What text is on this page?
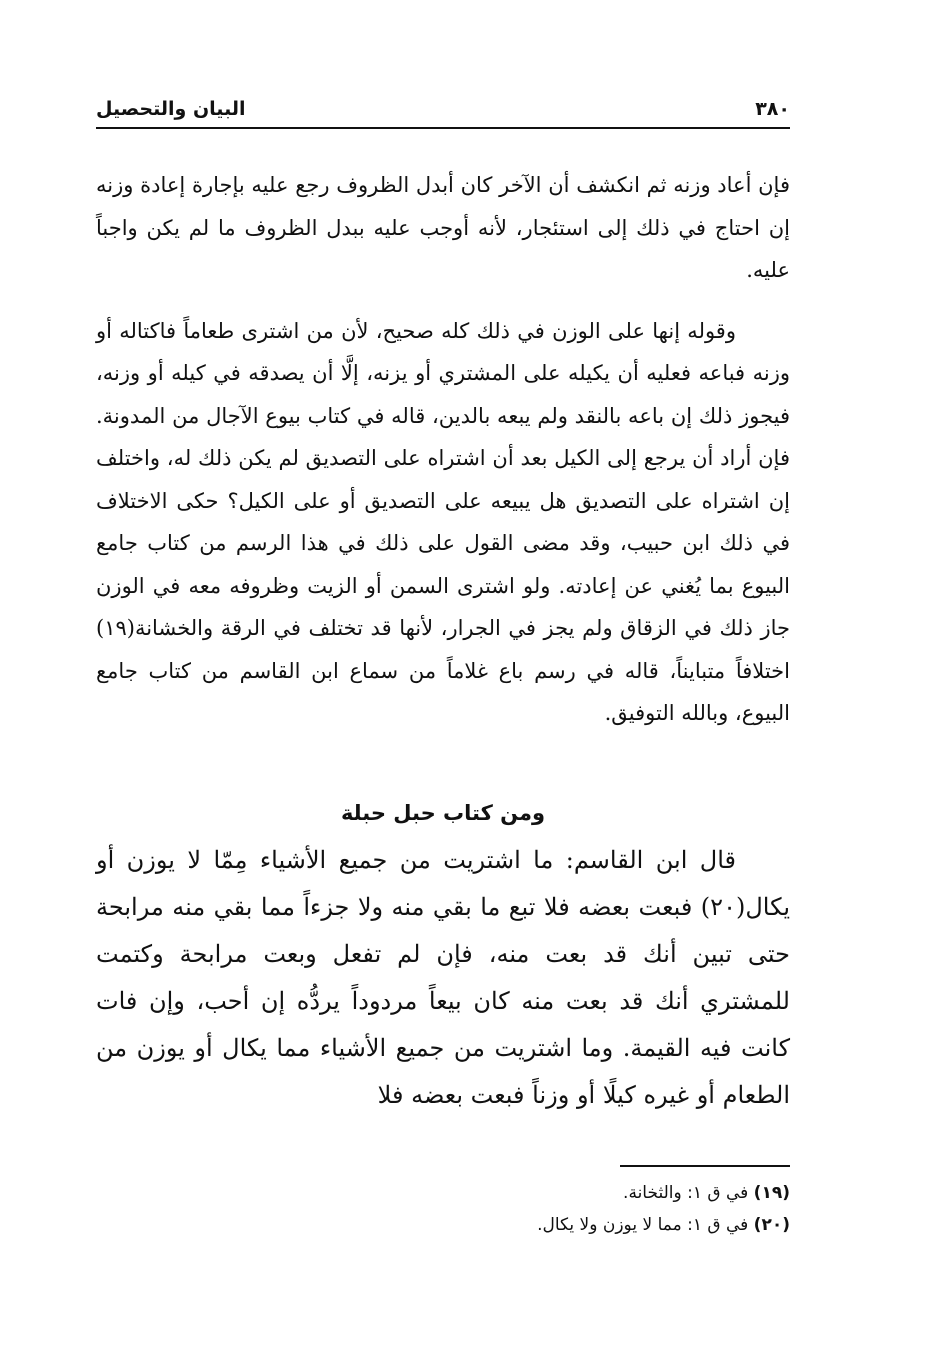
٣٨٠
البيان والتحصيل

فإن أعاد وزنه ثم انكشف أن الآخر كان أبدل الظروف رجع عليه بإجارة إعادة وزنه إن احتاج في ذلك إلى استئجار، لأنه أوجب عليه ببدل الظروف ما لم يكن واجباً عليه.

وقوله إنها على الوزن في ذلك كله صحيح، لأن من اشترى طعاماً فاكتاله أو وزنه فباعه فعليه أن يكيله على المشتري أو يزنه، إلَّا أن يصدقه في كيله أو وزنه، فيجوز ذلك إن باعه بالنقد ولم يبعه بالدين، قاله في كتاب بيوع الآجال من المدونة. فإن أراد أن يرجع إلى الكيل بعد أن اشتراه على التصديق لم يكن ذلك له، واختلف إن اشتراه على التصديق هل يبيعه على التصديق أو على الكيل؟ حكى الاختلاف في ذلك ابن حبيب، وقد مضى القول على ذلك في هذا الرسم من كتاب جامع البيوع بما يُغني عن إعادته. ولو اشترى السمن أو الزيت وظروفه معه في الوزن جاز ذلك في الزقاق ولم يجز في الجرار، لأنها قد تختلف في الرقة والخشانة(١٩) اختلافاً متبايناً، قاله في رسم باع غلاماً من سماع ابن القاسم من كتاب جامع البيوع، وبالله التوفيق.

ومن كتاب حبل حبلة

قال ابن القاسم: ما اشتريت من جميع الأشياء مِمّا لا يوزن أو يكال(٢٠) فبعت بعضه فلا تبع ما بقي منه ولا جزءاً مما بقي منه مرابحة حتى تبين أنك قد بعت منه، فإن لم تفعل وبعت مرابحة وكتمت للمشتري أنك قد بعت منه كان بيعاً مردوداً يردُّه إن أحب، وإن فات كانت فيه القيمة. وما اشتريت من جميع الأشياء مما يكال أو يوزن من الطعام أو غيره كيلًا أو وزناً فبعت بعضه فلا

(١٩) في ق ١: والثخانة.
(٢٠) في ق ١: مما لا يوزن ولا يكال.
